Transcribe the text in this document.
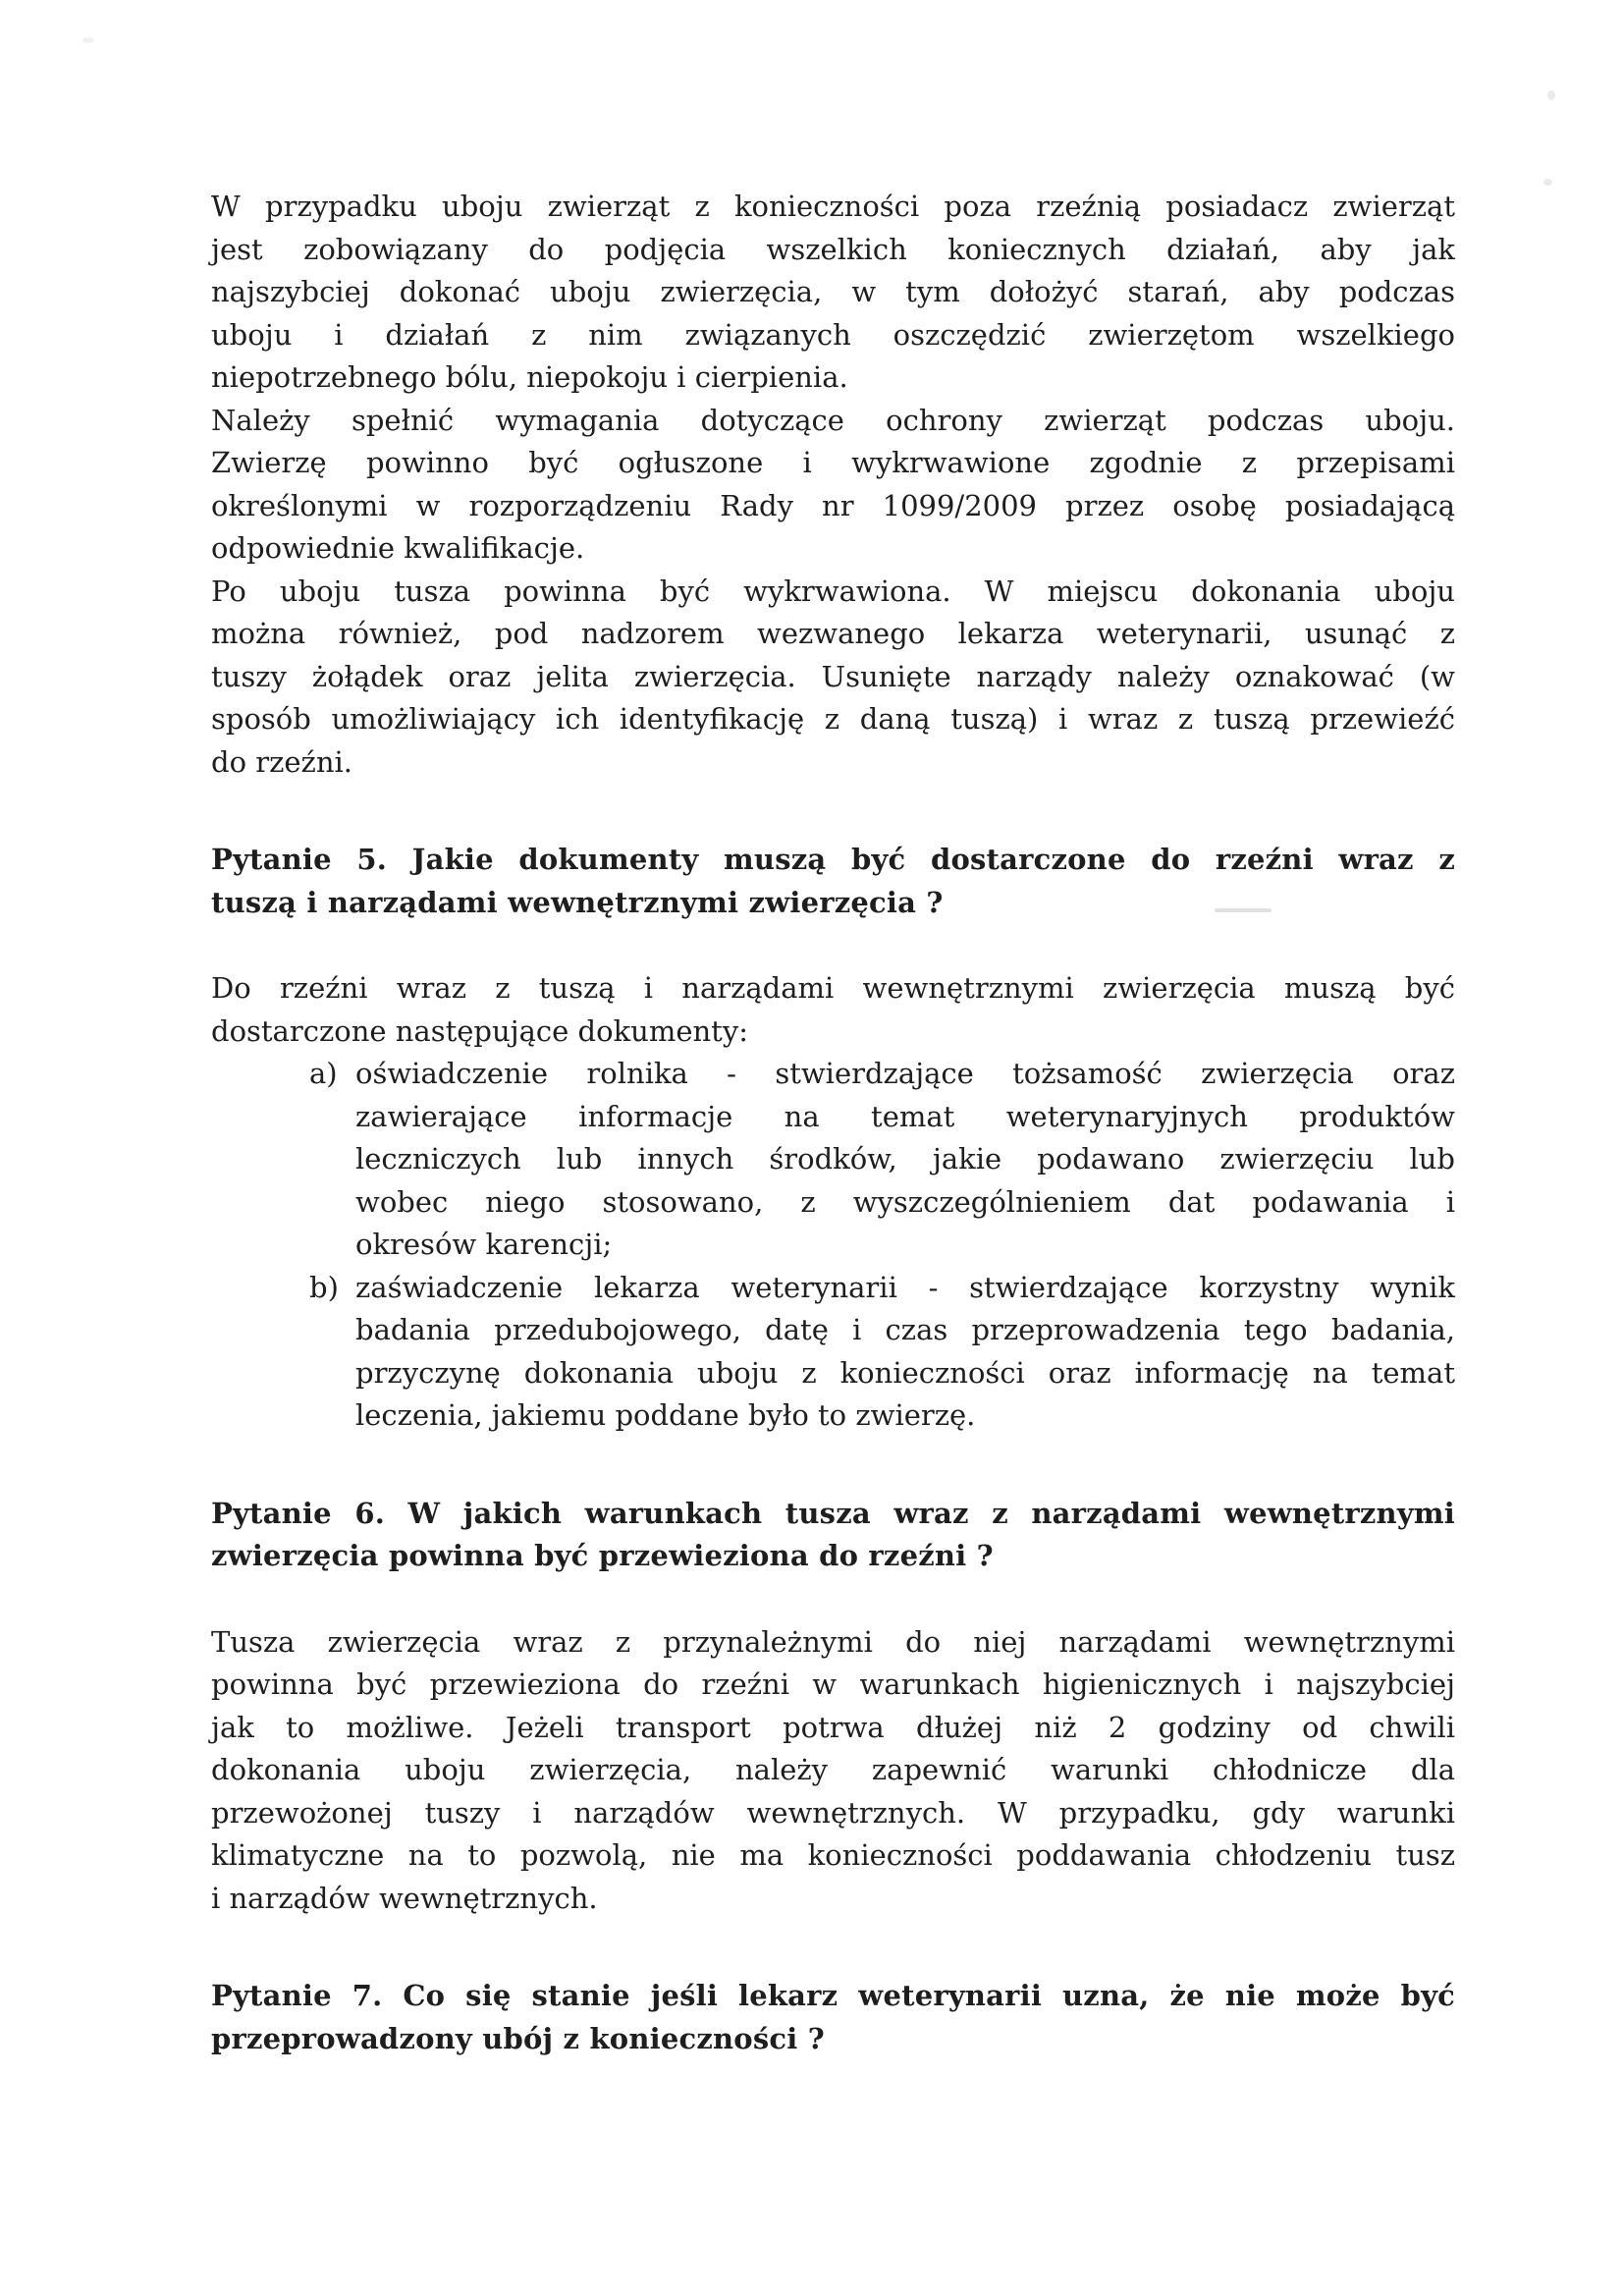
W przypadku uboju zwierząt z konieczności poza rzeźnią posiadacz zwierząt
jest zobowiązany do podjęcia wszelkich koniecznych działań, aby jak
najszybciej dokonać uboju zwierzęcia, w tym dołożyć starań, aby podczas
uboju i działań z nim związanych oszczędzić zwierzętom wszelkiego
niepotrzebnego bólu, niepokoju i cierpienia.
Należy spełnić wymagania dotyczące ochrony zwierząt podczas uboju.
Zwierzę powinno być ogłuszone i wykrwawione zgodnie z przepisami
określonymi w rozporządzeniu Rady nr 1099/2009 przez osobę posiadającą
odpowiednie kwalifikacje.
Po uboju tusza powinna być wykrwawiona. W miejscu dokonania uboju
można również, pod nadzorem wezwanego lekarza weterynarii, usunąć z
tuszy żołądek oraz jelita zwierzęcia. Usunięte narządy należy oznakować (w
sposób umożliwiający ich identyfikację z daną tuszą) i wraz z tuszą przewieźć
do rzeźni.
Pytanie 5. Jakie dokumenty muszą być dostarczone do rzeźni wraz z
tuszą i narządami wewnętrznymi zwierzęcia ?
Do rzeźni wraz z tuszą i narządami wewnętrznymi zwierzęcia muszą być
dostarczone następujące dokumenty:
a) oświadczenie rolnika - stwierdzające tożsamość zwierzęcia oraz
zawierające informacje na temat weterynaryjnych produktów
leczniczych lub innych środków, jakie podawano zwierzęciu lub
wobec niego stosowano, z wyszczególnieniem dat podawania i
okresów karencji;
b) zaświadczenie lekarza weterynarii - stwierdzające korzystny wynik
badania przedubojowego, datę i czas przeprowadzenia tego badania,
przyczynę dokonania uboju z konieczności oraz informację na temat
leczenia, jakiemu poddane było to zwierzę.
Pytanie 6. W jakich warunkach tusza wraz z narządami wewnętrznymi
zwierzęcia powinna być przewieziona do rzeźni ?
Tusza zwierzęcia wraz z przynależnymi do niej narządami wewnętrznymi
powinna być przewieziona do rzeźni w warunkach higienicznych i najszybciej
jak to możliwe. Jeżeli transport potrwa dłużej niż 2 godziny od chwili
dokonania uboju zwierzęcia, należy zapewnić warunki chłodnicze dla
przewożonej tuszy i narządów wewnętrznych. W przypadku, gdy warunki
klimatyczne na to pozwolą, nie ma konieczności poddawania chłodzeniu tusz
i narządów wewnętrznych.
Pytanie 7. Co się stanie jeśli lekarz weterynarii uzna, że nie może być
przeprowadzony ubój z konieczności ?
